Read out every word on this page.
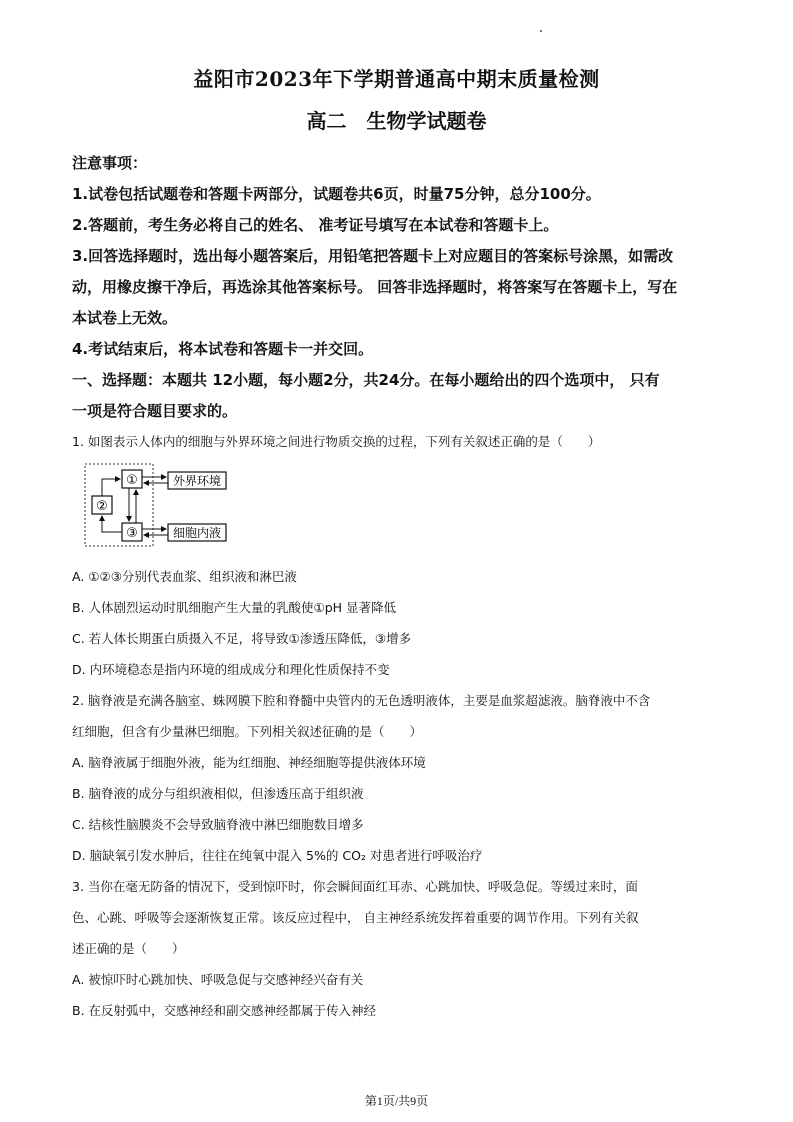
益阳市2023年下学期普通高中期末质量检测
高二　生物学试题卷
注意事项：
1.试卷包括试题卷和答题卡两部分，试题卷共6页，时量75分钟，总分100分。
2.答题前，考生务必将自己的姓名、 准考证号填写在本试卷和答题卡上。
3.回答选择题时，选出每小题答案后，用铅笔把答题卡上对应题目的答案标号涂黑，如需改
动，用橡皮擦干净后，再选涂其他答案标号。 回答非选择题时，将答案写在答题卡上，写在
本试卷上无效。
4.考试结束后，将本试卷和答题卡一并交回。
一、选择题：本题共 12小题，每小题2分，共24分。在每小题给出的四个选项中， 只有
一项是符合题目要求的。
1. 如图表示人体内的细胞与外界环境之间进行物质交换的过程，下列有关叙述正确的是（　　）
①
②
③
外界环境
细胞内液
A. ①②③分别代表血浆、组织液和淋巴液
B. 人体剧烈运动时肌细胞产生大量的乳酸使①pH 显著降低
C. 若人体长期蛋白质摄入不足，将导致①渗透压降低，③增多
D. 内环境稳态是指内环境的组成成分和理化性质保持不变
2. 脑脊液是充满各脑室、蛛网膜下腔和脊髓中央管内的无色透明液体，主要是血浆超滤液。脑脊液中不含
红细胞，但含有少量淋巴细胞。下列相关叙述征确的是（　　）
A. 脑脊液属于细胞外液，能为红细胞、神经细胞等提供液体环境
B. 脑脊液的成分与组织液相似，但渗透压高于组织液
C. 结核性脑膜炎不会导致脑脊液中淋巴细胞数目增多
D. 脑缺氧引发水肿后，往往在纯氧中混入 5%的 CO₂ 对患者进行呼吸治疗
3. 当你在毫无防备的情况下，受到惊吓时，你会瞬间面红耳赤、心跳加快、呼吸急促。等缓过来时，面
色、心跳、呼吸等会逐渐恢复正常。该反应过程中， 自主神经系统发挥着重要的调节作用。下列有关叙
述正确的是（　　）
A. 被惊吓时心跳加快、呼吸急促与交感神经兴奋有关
B. 在反射弧中，交感神经和副交感神经都属于传入神经
第1页/共9页
